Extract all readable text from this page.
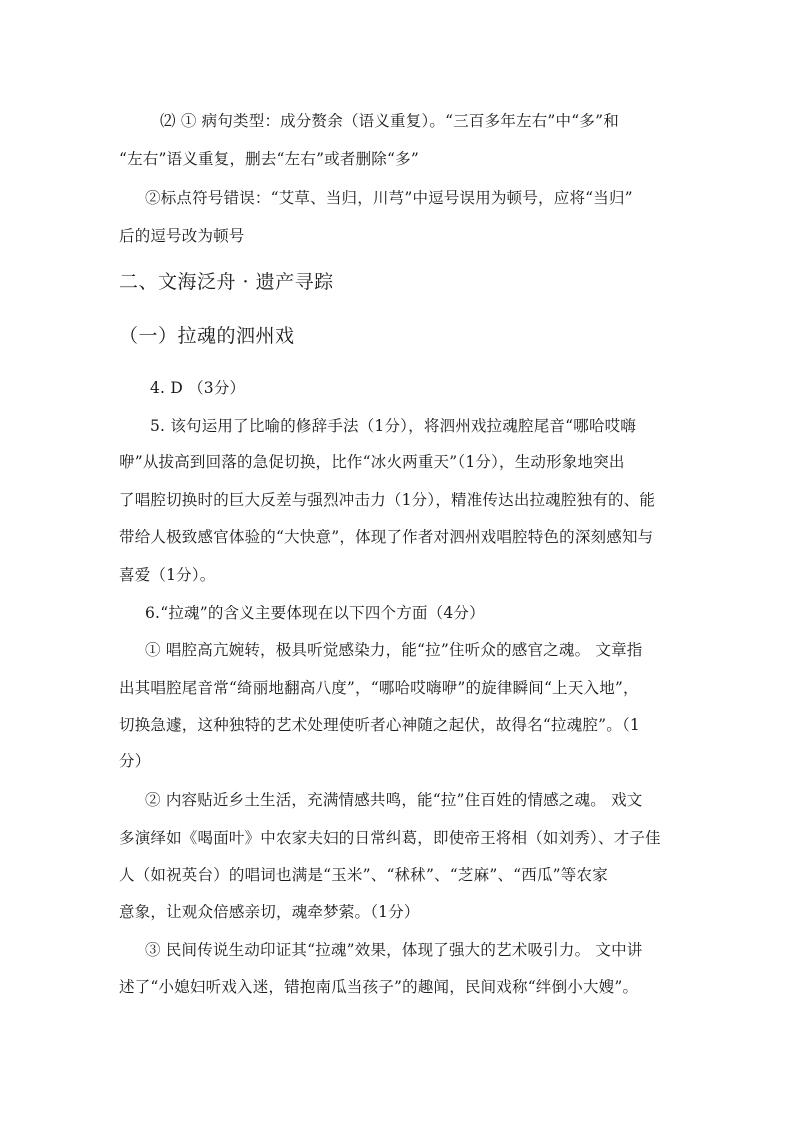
⑵ ① 病句类型：成分赘余（语义重复）。“三百多年左右”中“多”和
“左右”语义重复，删去“左右”或者删除“多”
②标点符号错误：“艾草、当归，川芎”中逗号误用为顿号，应将“当归”
后的逗号改为顿号
二、文海泛舟 · 遗产寻踪
（一）拉魂的泗州戏
4. D （3分）
5. 该句运用了比喻的修辞手法（1分），将泗州戏拉魂腔尾音“哪哈哎嗨
咿”从拔高到回落的急促切换，比作“冰火两重天”（1分），生动形象地突出
了唱腔切换时的巨大反差与强烈冲击力（1分），精准传达出拉魂腔独有的、能
带给人极致感官体验的“大快意”，体现了作者对泗州戏唱腔特色的深刻感知与
喜爱（1分）。
6.“拉魂”的含义主要体现在以下四个方面（4分）
① 唱腔高亢婉转，极具听觉感染力，能“拉”住听众的感官之魂。 文章指
出其唱腔尾音常“绮丽地翻高八度”，“哪哈哎嗨咿”的旋律瞬间“上天入地”，
切换急遽，这种独特的艺术处理使听者心神随之起伏，故得名“拉魂腔”。（1
分）
② 内容贴近乡土生活，充满情感共鸣，能“拉”住百姓的情感之魂。 戏文
多演绎如《喝面叶》中农家夫妇的日常纠葛，即使帝王将相（如刘秀）、才子佳
人（如祝英台）的唱词也满是“玉米”、“秫秫”、“芝麻”、“西瓜”等农家
意象，让观众倍感亲切，魂牵梦萦。（1分）
③ 民间传说生动印证其“拉魂”效果，体现了强大的艺术吸引力。 文中讲
述了“小媳妇听戏入迷，错抱南瓜当孩子”的趣闻，民间戏称“绊倒小大嫂”。
